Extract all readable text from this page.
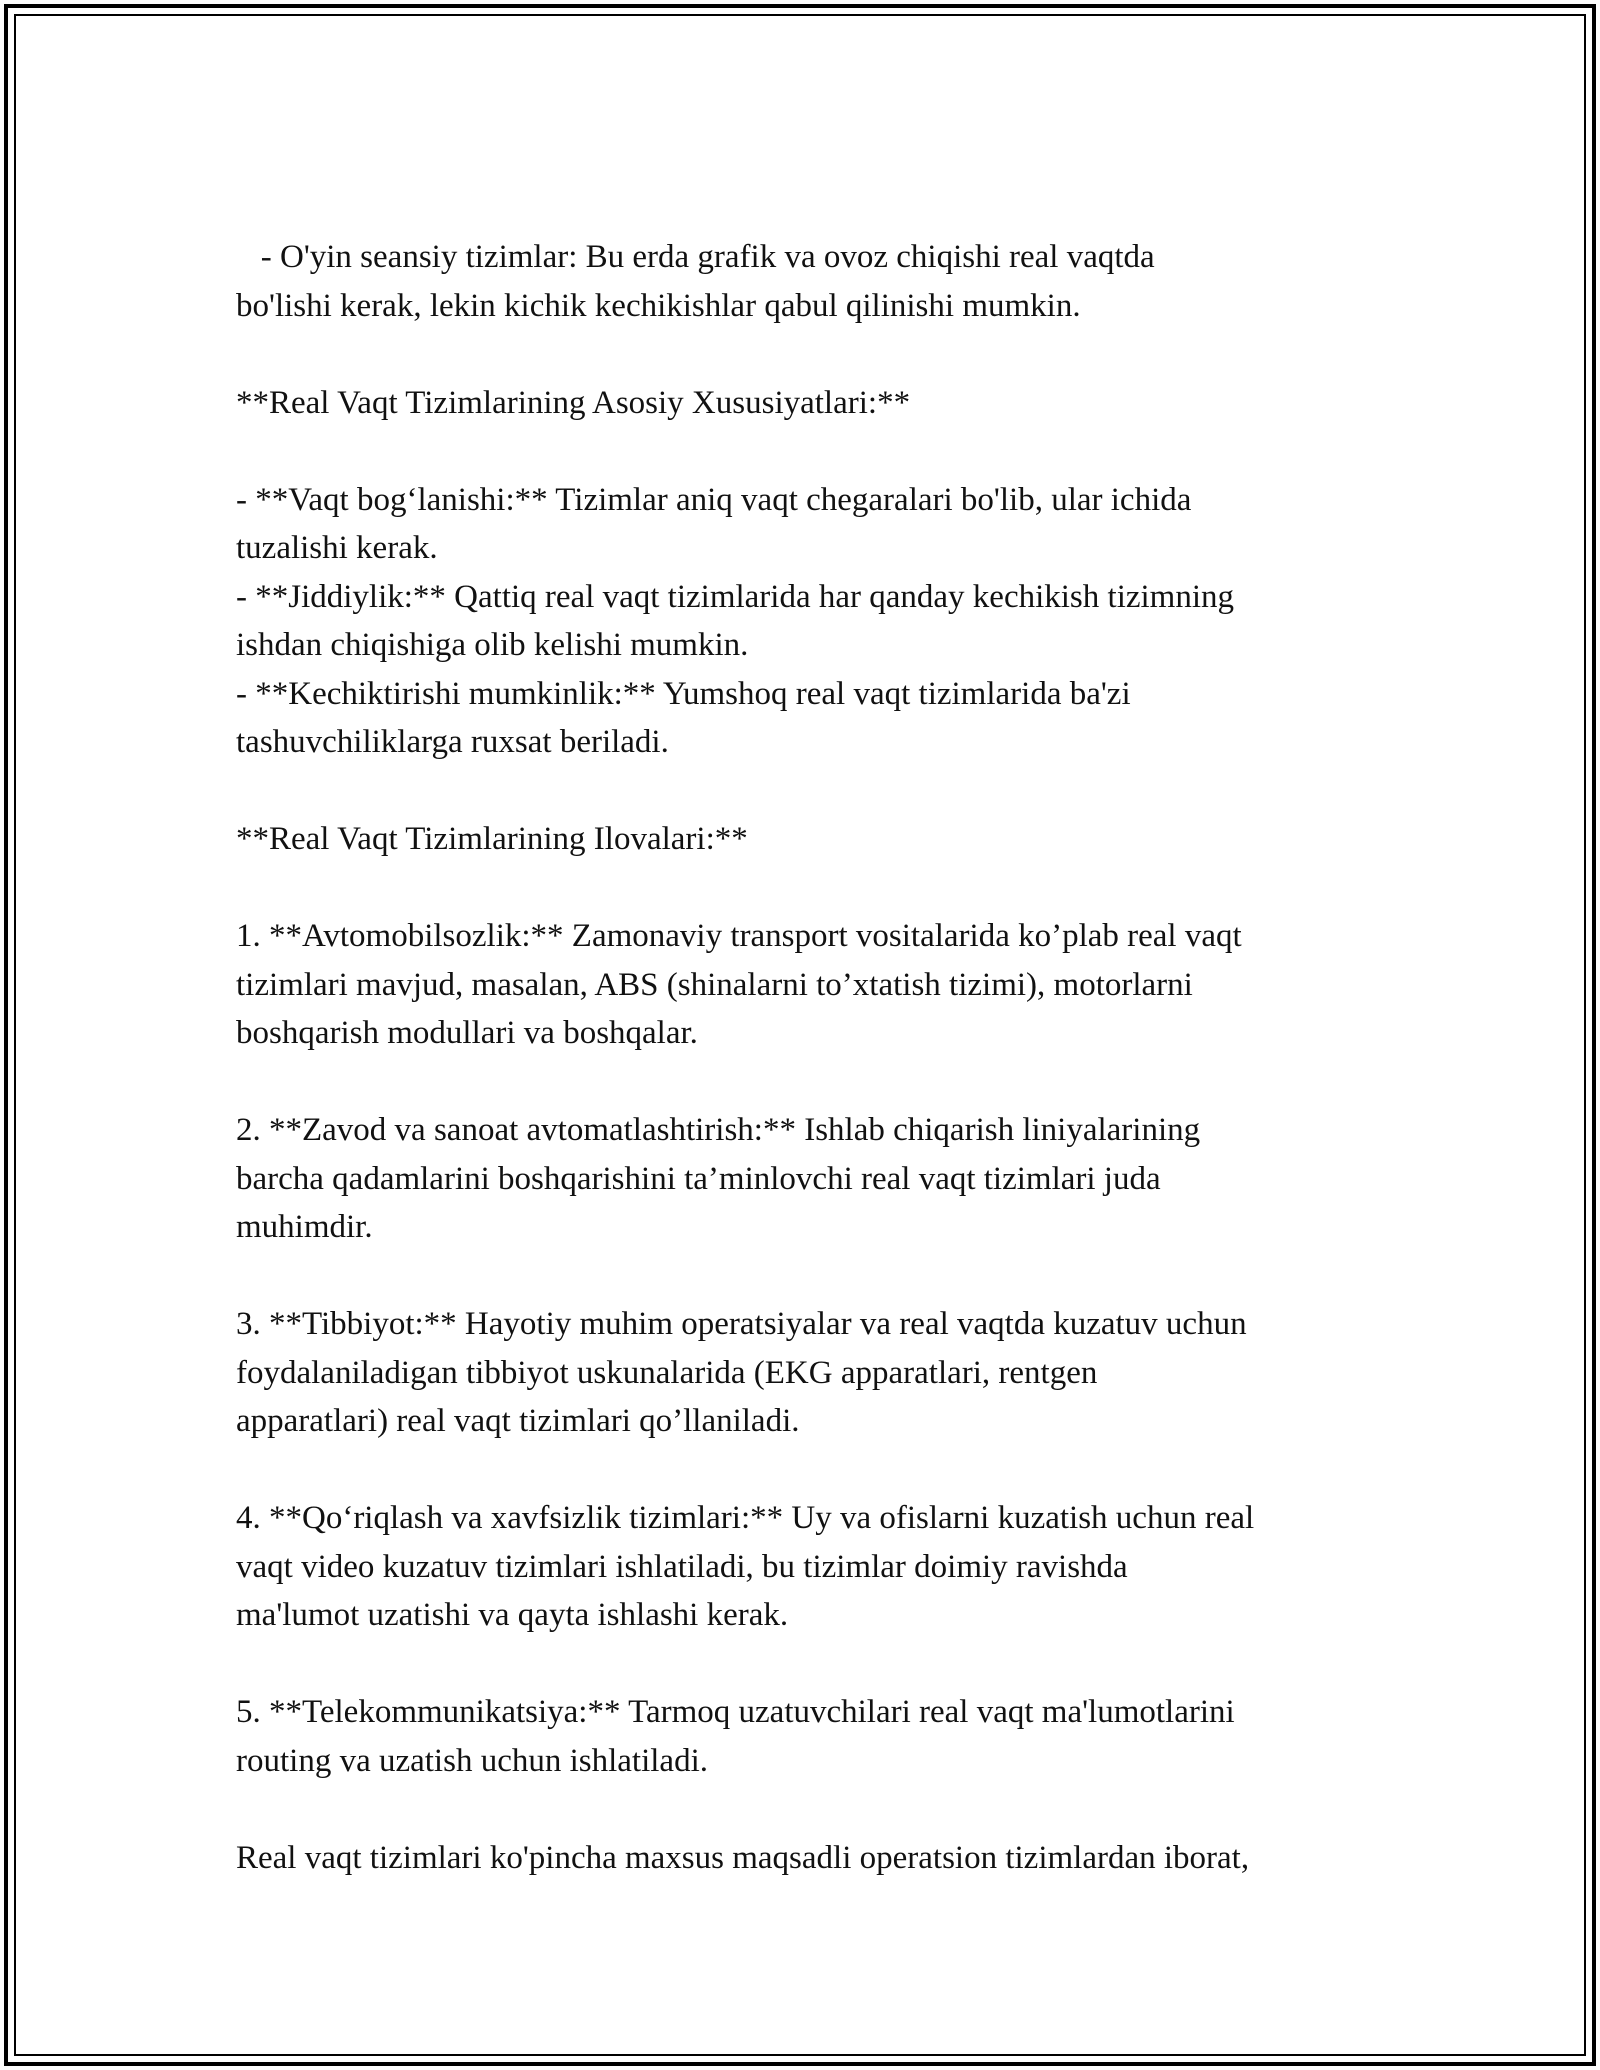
- O'yin seansiy tizimlar: Bu erda grafik va ovoz chiqishi real vaqtda

bo'lishi kerak, lekin kichik kechikishlar qabul qilinishi mumkin.

**Real Vaqt Tizimlarining Asosiy Xususiyatlari:**

- **Vaqt bog‘lanishi:** Tizimlar aniq vaqt chegaralari bo'lib, ular ichida

tuzalishi kerak.

- **Jiddiylik:** Qattiq real vaqt tizimlarida har qanday kechikish tizimning

ishdan chiqishiga olib kelishi mumkin.

- **Kechiktirishi mumkinlik:** Yumshoq real vaqt tizimlarida ba'zi

tashuvchiliklarga ruxsat beriladi.

**Real Vaqt Tizimlarining Ilovalari:**

1. **Avtomobilsozlik:** Zamonaviy transport vositalarida ko’plab real vaqt

tizimlari mavjud, masalan, ABS (shinalarni to’xtatish tizimi), motorlarni

boshqarish modullari va boshqalar.

2. **Zavod va sanoat avtomatlashtirish:** Ishlab chiqarish liniyalarining

barcha qadamlarini boshqarishini ta’minlovchi real vaqt tizimlari juda

muhimdir.

3. **Tibbiyot:** Hayotiy muhim operatsiyalar va real vaqtda kuzatuv uchun

foydalaniladigan tibbiyot uskunalarida (EKG apparatlari, rentgen

apparatlari) real vaqt tizimlari qo’llaniladi.

4. **Qo‘riqlash va xavfsizlik tizimlari:** Uy va ofislarni kuzatish uchun real

vaqt video kuzatuv tizimlari ishlatiladi, bu tizimlar doimiy ravishda

ma'lumot uzatishi va qayta ishlashi kerak.

5. **Telekommunikatsiya:** Tarmoq uzatuvchilari real vaqt ma'lumotlarini

routing va uzatish uchun ishlatiladi.

Real vaqt tizimlari ko'pincha maxsus maqsadli operatsion tizimlardan iborat,
